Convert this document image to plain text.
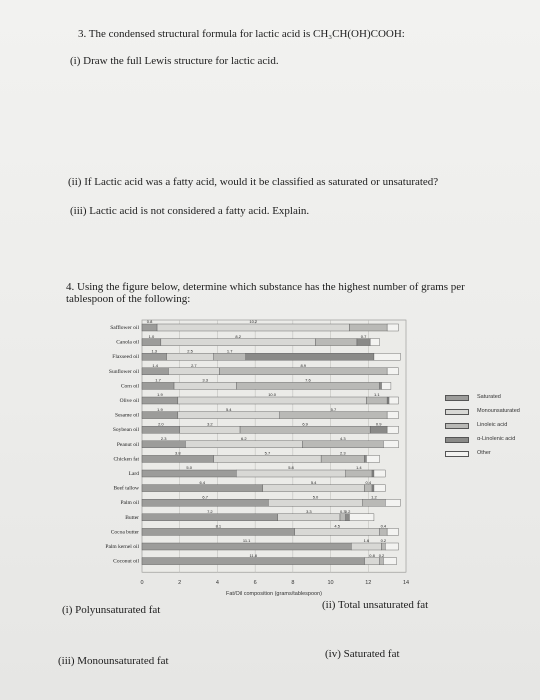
3. The condensed structural formula for lactic acid is CH₃CH(OH)COOH:
(i) Draw the full Lewis structure for lactic acid.
(ii) If Lactic acid was a fatty acid, would it be classified as saturated or unsaturated?
(iii) Lactic acid is not considered a fatty acid. Explain.
4. Using the figure below, determine which substance has the highest number of grams per
tablespoon of the following:
0	2	4	6	8	10	12	14
Fat/Oil composition (grams/tablespoon)
Safflower oil
0.8	10.2
Canola oil
1.0	8.2	0.7
Flaxseed oil
1.3	2.5	1.7
Sunflower oil
1.4	2.7	8.9
Corn oil
1.7	3.3	7.6
Olive oil
1.9	10.0	1.1
Sesame oil
1.9	5.4	5.7
Soybean oil
2.0	3.2	6.9	0.9
Peanut oil
2.3	6.2	4.3
Chicken fat
3.8	5.7	2.3
Lard
5.0	5.8	1.4
Beef tallow
6.4	5.4	0.4
Palm oil
6.7	5.0	1.2
Butter
7.2	3.3	0.3 0.2
Cocoa butter
8.1	4.5	0.4
Palm kernel oil
11.1	1.6	0.2
Coconut oil
11.8	0.8 0.2
Saturated
Monounsaturated
Linoleic acid
α-Linolenic acid
Other
(i) Polyunsaturated fat	(ii) Total unsaturated fat
(iii) Monounsaturated fat
(iv) Saturated fat
